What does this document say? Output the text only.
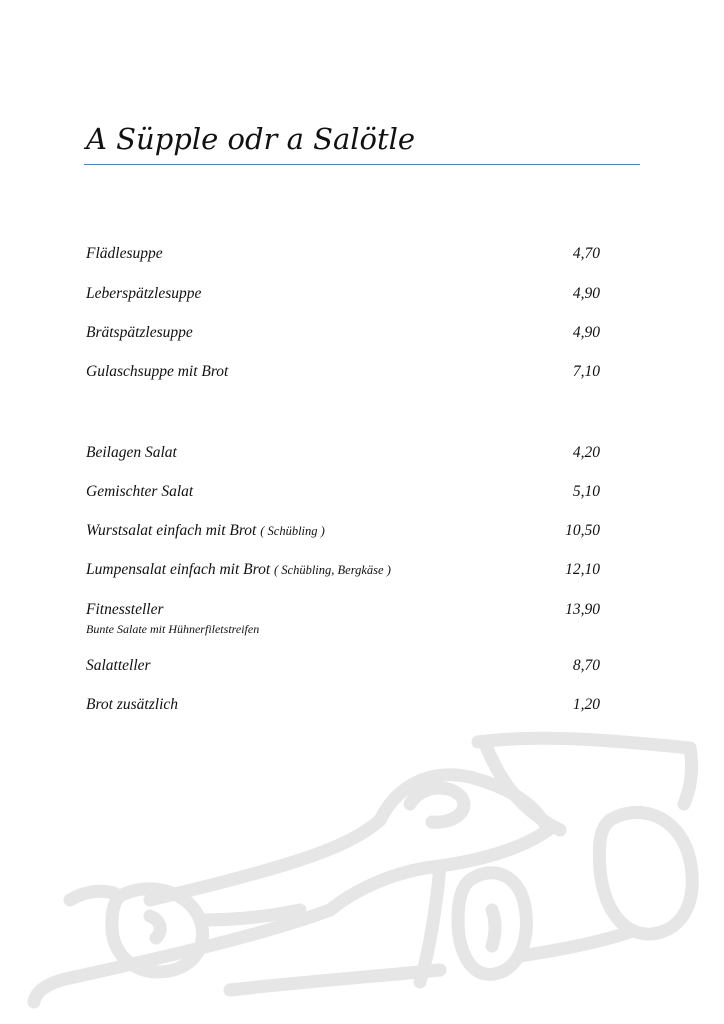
A Süpple odr a Salötle
Flädlesuppe	4,70
Leberspätzlesuppe	4,90
Brätspätzlesuppe	4,90
Gulaschsuppe mit Brot	7,10
Beilagen Salat	4,20
Gemischter Salat	5,10
Wurstsalat einfach mit Brot ( Schübling )	10,50
Lumpensalat einfach mit Brot ( Schübling, Bergkäse )	12,10
Fitnessteller	13,90
Bunte Salate mit Hühnerfiletstreifen
Salatteller	8,70
Brot zusätzlich	1,20
